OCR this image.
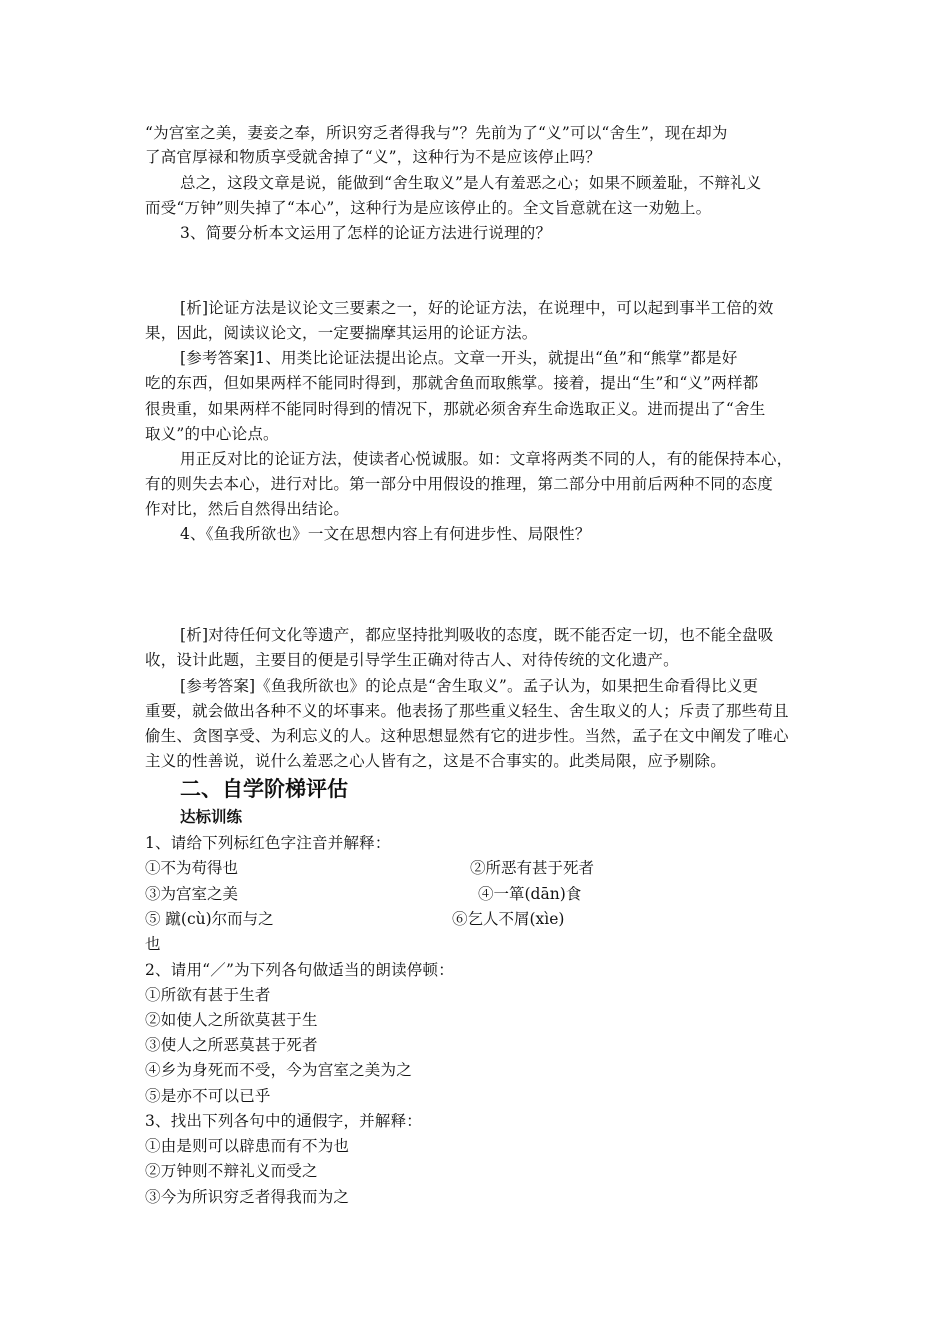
“为宫室之美，妻妾之奉，所识穷乏者得我与”？先前为了“义”可以“舍生”，现在却为
了高官厚禄和物质享受就舍掉了“义”，这种行为不是应该停止吗？
总之，这段文章是说，能做到“舍生取义”是人有羞恶之心；如果不顾羞耻，不辩礼义
而受“万钟”则失掉了“本心”，这种行为是应该停止的。全文旨意就在这一劝勉上。
3、简要分析本文运用了怎样的论证方法进行说理的？
[析]论证方法是议论文三要素之一，好的论证方法，在说理中，可以起到事半工倍的效
果，因此，阅读议论文，一定要揣摩其运用的论证方法。
[参考答案]1、用类比论证法提出论点。文章一开头，就提出“鱼”和“熊掌”都是好
吃的东西，但如果两样不能同时得到，那就舍鱼而取熊掌。接着，提出“生”和“义”两样都
很贵重，如果两样不能同时得到的情况下，那就必须舍弃生命选取正义。进而提出了“舍生
取义”的中心论点。
用正反对比的论证方法，使读者心悦诚服。如：文章将两类不同的人，有的能保持本心，
有的则失去本心，进行对比。第一部分中用假设的推理，第二部分中用前后两种不同的态度
作对比，然后自然得出结论。
4、《鱼我所欲也》一文在思想内容上有何进步性、局限性？
[析]对待任何文化等遗产，都应坚持批判吸收的态度，既不能否定一切，也不能全盘吸
收，设计此题，主要目的便是引导学生正确对待古人、对待传统的文化遗产。
[参考答案]《鱼我所欲也》的论点是“舍生取义”。孟子认为，如果把生命看得比义更
重要，就会做出各种不义的坏事来。他表扬了那些重义轻生、舍生取义的人；斥责了那些苟且
偷生、贪图享受、为利忘义的人。这种思想显然有它的进步性。当然，孟子在文中阐发了唯心
主义的性善说，说什么羞恶之心人皆有之，这是不合事实的。此类局限，应予剔除。
二、自学阶梯评估
达标训练
1、请给下列标红色字注音并解释：
①不为苟得也	②所恶有甚于死者
③为宫室之美	④一箪(dān)食
⑤ 蹴(cù)尔而与之	⑥乞人不屑(xìe)
也
2、请用“／”为下列各句做适当的朗读停顿：
①所欲有甚于生者
②如使人之所欲莫甚于生
③使人之所恶莫甚于死者
④乡为身死而不受，今为宫室之美为之
⑤是亦不可以已乎
3、找出下列各句中的通假字，并解释：
①由是则可以辟患而有不为也
②万钟则不辩礼义而受之
③今为所识穷乏者得我而为之
